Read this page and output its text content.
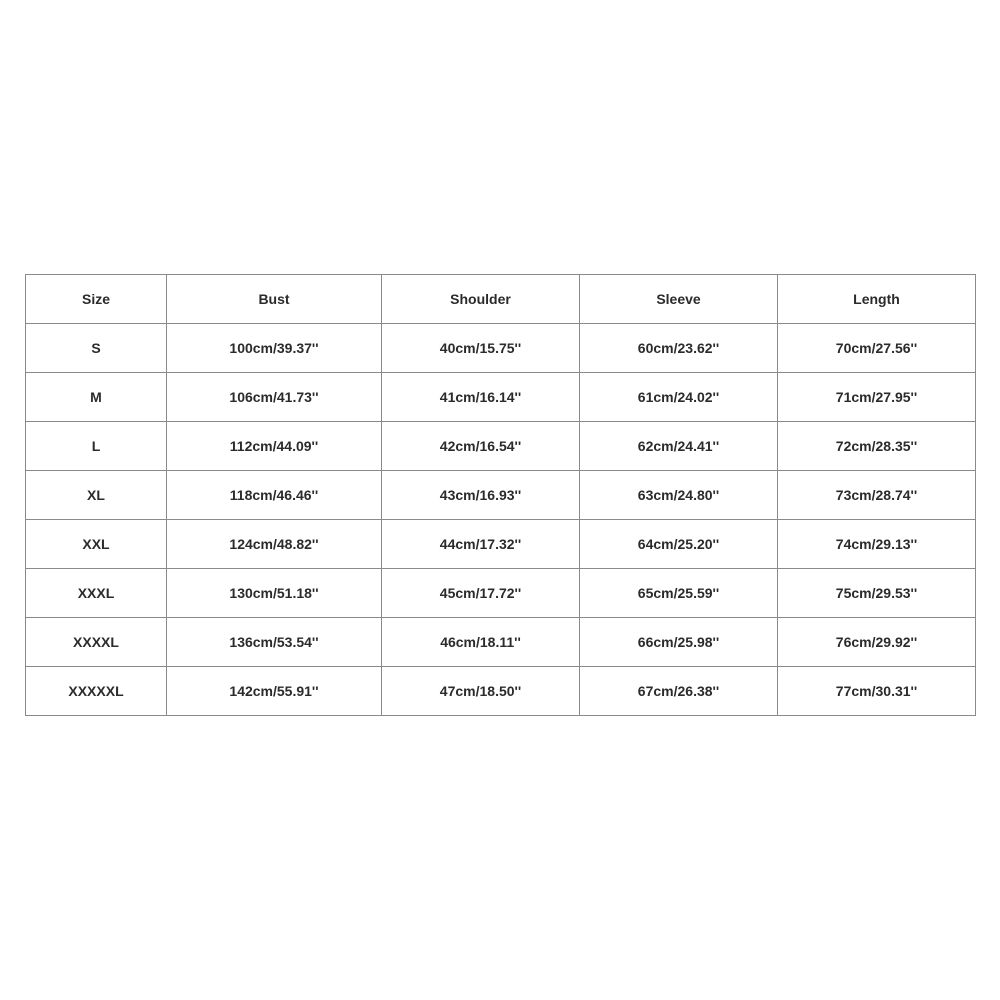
Size	Bust	Shoulder	Sleeve	Length
S	100cm/39.37''	40cm/15.75''	60cm/23.62''	70cm/27.56''
M	106cm/41.73''	41cm/16.14''	61cm/24.02''	71cm/27.95''
L	112cm/44.09''	42cm/16.54''	62cm/24.41''	72cm/28.35''
XL	118cm/46.46''	43cm/16.93''	63cm/24.80''	73cm/28.74''
XXL	124cm/48.82''	44cm/17.32''	64cm/25.20''	74cm/29.13''
XXXL	130cm/51.18''	45cm/17.72''	65cm/25.59''	75cm/29.53''
XXXXL	136cm/53.54''	46cm/18.11''	66cm/25.98''	76cm/29.92''
XXXXXL	142cm/55.91''	47cm/18.50''	67cm/26.38''	77cm/30.31''
